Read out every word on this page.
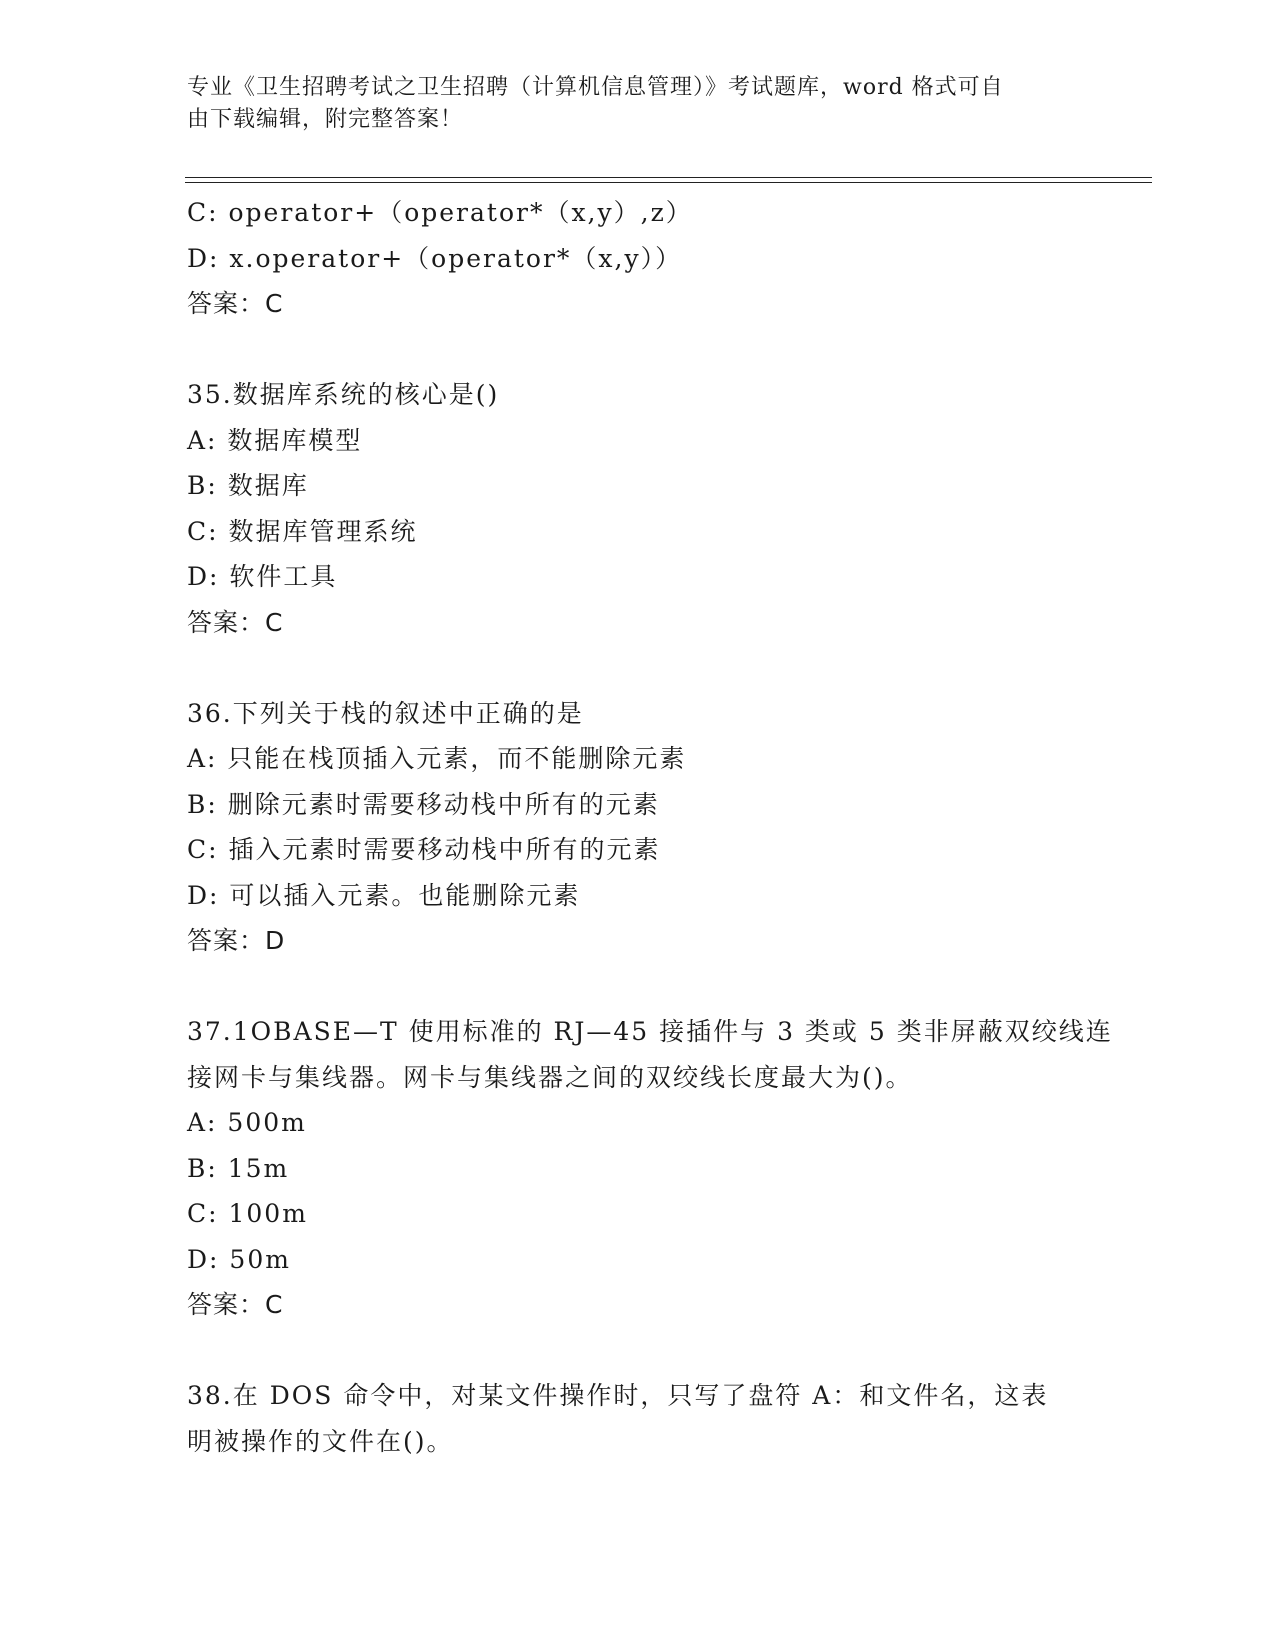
专业《卫生招聘考试之卫生招聘（计算机信息管理）》考试题库，word 格式可自
由下载编辑，附完整答案！
C: operator+（operator*（x,y）,z）
D: x.operator+（operator*（x,y））
答案：C
35.数据库系统的核心是()
A: 数据库模型
B: 数据库
C: 数据库管理系统
D: 软件工具
答案：C
36.下列关于栈的叙述中正确的是
A: 只能在栈顶插入元素，而不能删除元素
B: 删除元素时需要移动栈中所有的元素
C: 插入元素时需要移动栈中所有的元素
D: 可以插入元素。也能删除元素
答案：D
37.1OBASE—T 使用标准的 RJ—45 接插件与 3 类或 5 类非屏蔽双绞线连
接网卡与集线器。网卡与集线器之间的双绞线长度最大为()。
A: 500m
B: 15m
C: 100m
D: 50m
答案：C
38.在 DOS 命令中，对某文件操作时，只写了盘符 A：和文件名，这表
明被操作的文件在()。
